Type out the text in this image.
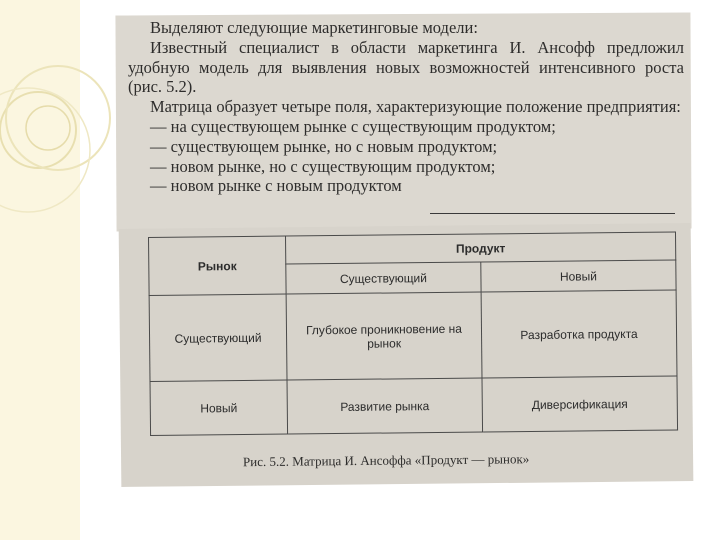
Выделяют следующие маркетинговые модели:

Известный специалист в области маркетинга И. Ансофф предложил удобную модель для выявления новых возможностей интенсивного роста (рис. 5.2).

Матрица образует четыре поля, характеризующие положение предприятия:

— на существующем рынке с существующим продуктом;

— существующем рынке, но с новым продуктом;

— новом рынке, но с существующим продуктом;

— новом рынке с новым продуктом

Рынок	Продукт	
	Существующий	Новый
Существующий	Глубокое проникновение на рынок	Разработка продукта
Новый	Развитие рынка	Диверсификация
Рис. 5.2. Матрица И. Ансоффа «Продукт — рынок»
